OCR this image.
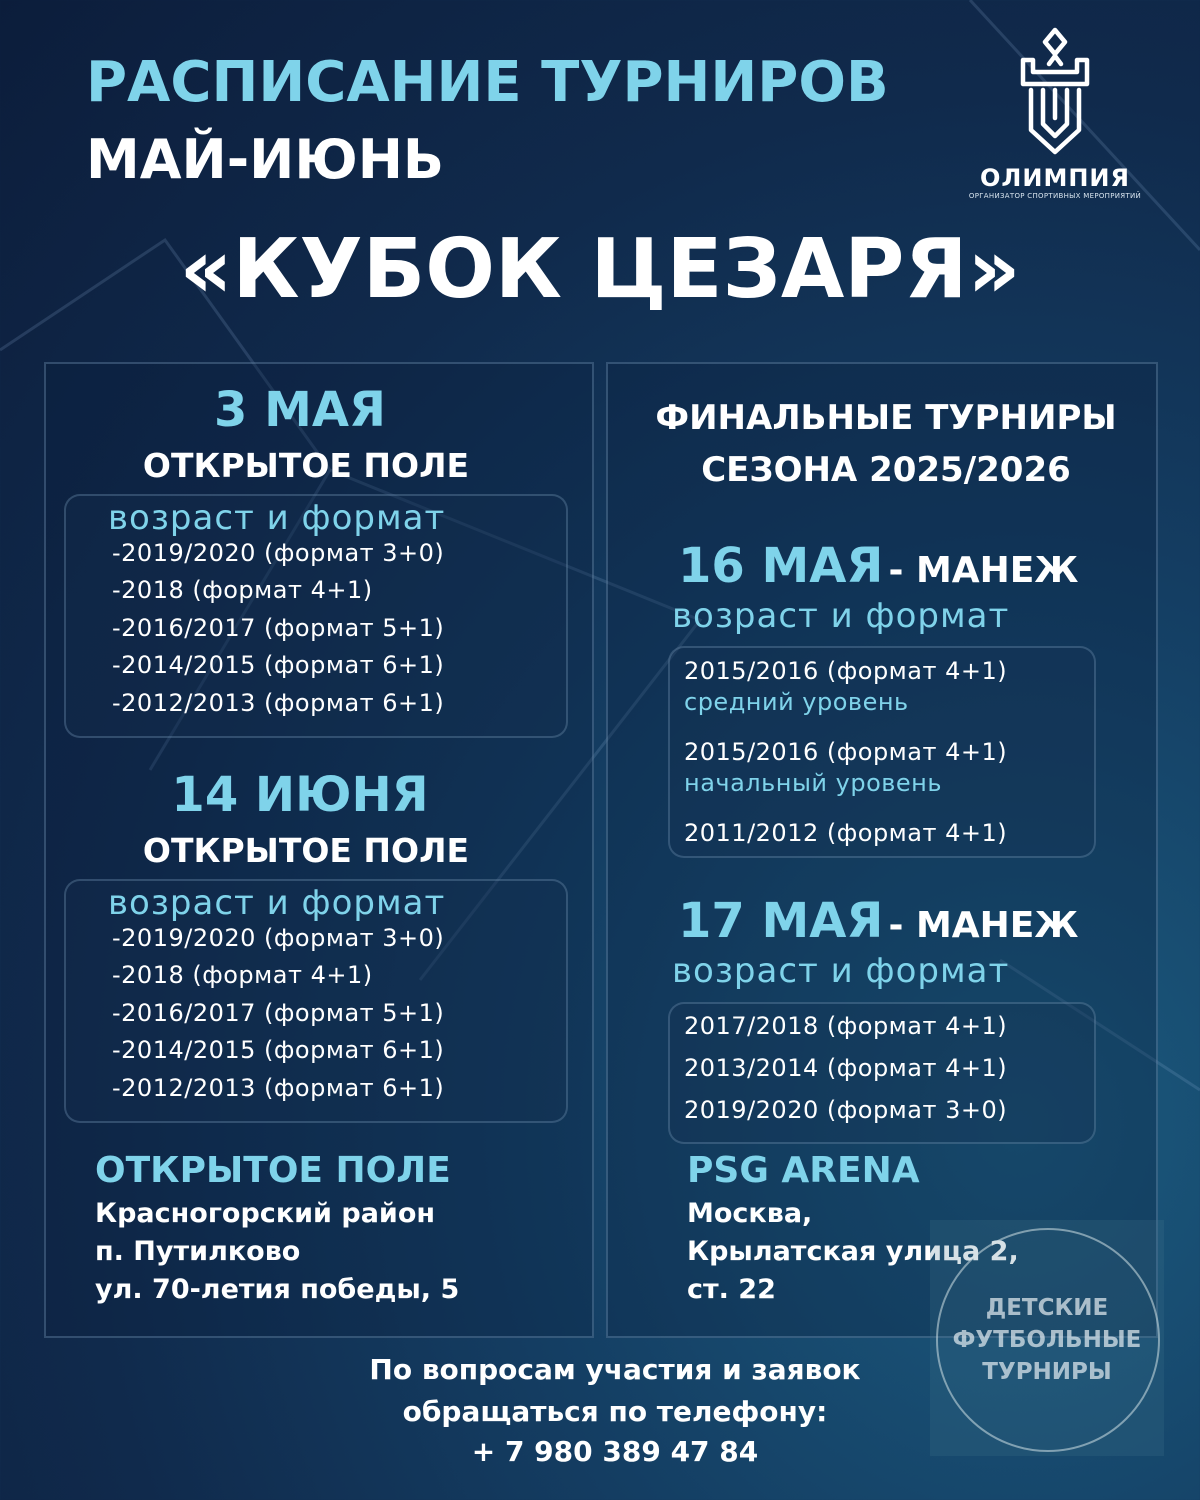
РАСПИСАНИЕ ТУРНИРОВ
МАЙ-ИЮНЬ
«КУБОК ЦЕЗАРЯ»
ОЛИМПИЯ
ОРГАНИЗАТОР СПОРТИВНЫХ МЕРОПРИЯТИЙ
3 МАЯ
ОТКРЫТОЕ ПОЛЕ
возраст и формат
-2019/2020 (формат 3+0)
-2018 (формат 4+1)
-2016/2017 (формат 5+1)
-2014/2015 (формат 6+1)
-2012/2013 (формат 6+1)
14 ИЮНЯ
ОТКРЫТОЕ ПОЛЕ
возраст и формат
-2019/2020 (формат 3+0)
-2018 (формат 4+1)
-2016/2017 (формат 5+1)
-2014/2015 (формат 6+1)
-2012/2013 (формат 6+1)
ОТКРЫТОЕ ПОЛЕ
Красногорский район
п. Путилково
ул. 70-летия победы, 5
ФИНАЛЬНЫЕ ТУРНИРЫ
СЕЗОНА 2025/2026
16 МАЯ - МАНЕЖ
возраст и формат
2015/2016 (формат 4+1)
средний уровень
2015/2016 (формат 4+1)
начальный уровень
2011/2012 (формат 4+1)
17 МАЯ - МАНЕЖ
возраст и формат
2017/2018 (формат 4+1)
2013/2014 (формат 4+1)
2019/2020 (формат 3+0)
PSG ARENA
Москва,
Крылатская улица 2,
ст. 22
По вопросам участия и заявок
обращаться по телефону:
+ 7 980 389 47 84
ДЕТСКИЕ
ФУТБОЛЬНЫЕ
ТУРНИРЫ
